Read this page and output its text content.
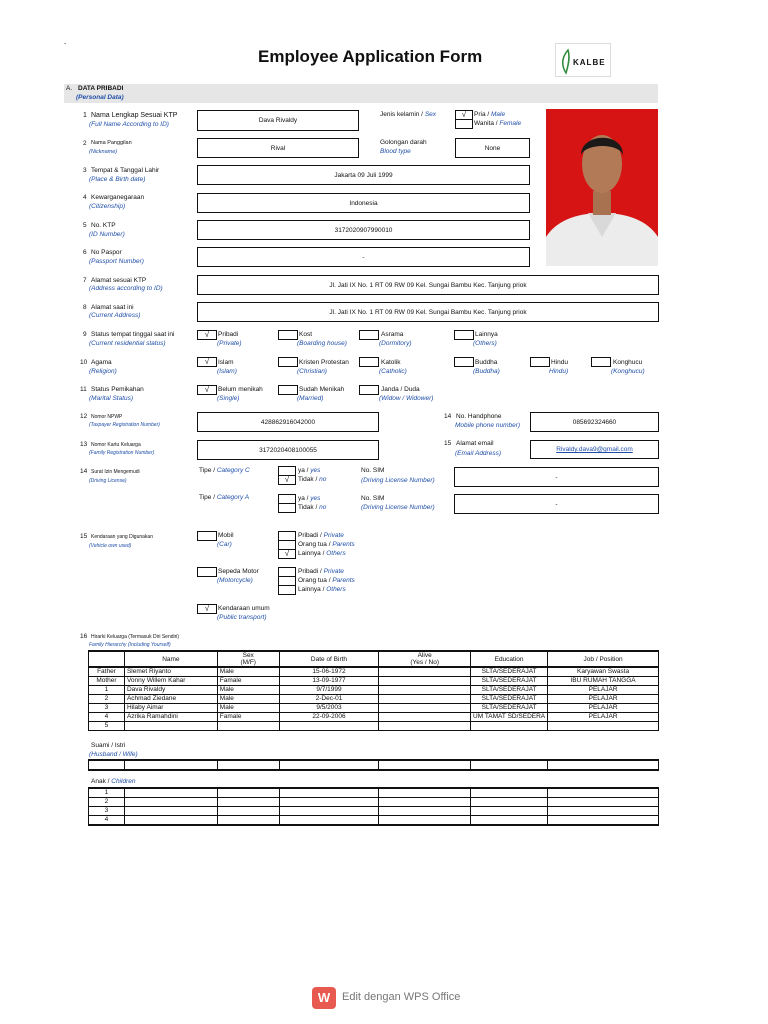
-
Employee Application Form	KALBE
A. DATA PRIBADI
(Personal Data)
1 Nama Lengkap Sesuai KTP
(Full Name According to ID)
Dava Rivaldy
Jenis kelamin / Sex	√	Pria / Male
Wanita / Female
2 Nama Panggilan
(Nickname)
Rival
Golongan darah
Blood type	None
3 Tempat & Tanggal Lahir
(Place & Birth date)
Jakarta 09 Juli 1999
4 Kewarganegaraan
(Citizenship)	Indonesia
5 No. KTP
(ID Number)
3172020907990010
6 No Paspor
(Passport Number)
-
7 Alamat sesuai KTP
(Address according to ID)	Jl. Jati IX No. 1 RT 09 RW 09 Kel. Sungai Bambu Kec. Tanjung priok
8 Alamat saat ini
(Current Address)	Jl. Jati IX No. 1 RT 09 RW 09 Kel. Sungai Bambu Kec. Tanjung priok
9 Status tempat tinggal saat ini
(Current residential status)
√	Pribadi
(Private)
Kost
(Boarding house)
Asrama
(Dormitory)
Lainnya
(Others)
10 Agama
(Religion)
√	Islam
(Islam)
Kristen Protestan
(Christian)
Katolik
(Catholic)
Buddha
(Buddha)
Hindu
Hindu)
Konghucu
(Konghucu)
11 Status Pemikahan
(Marital Status)
√	Belum menikah
(Single)
Sudah Menikah
(Married)
Janda / Duda
(Widow / Widower)
12 Nomor NPWP
(Taxpayer Registration Number)	428862916042000
14 No. Handphone
Mobile phone number)	085692324660
13 Nomor Kartu Keluarga
(Family Registration Number)	3172020408100055
15 Alamat email
(Email Address)
Rivaldy.dava9@gmail.com
14 Surat Izin Mengemudi
(Driving License)
Tipe / Category C
√
ya / yes
Tidak / no
No. SIM
(Driving License Number)	-
Tipe / Category A	ya / yes
Tidak / no
No. SIM
(Driving License Number)	-
15 Kendaraan yang Digunakan
(Vehicle own used)
Mobil
(Car)
√
Pribadi / Private
Orang tua / Parents
Lainnya / Others
Sepeda Motor
(Motorcycle)
Pribadi / Private
Orang tua / Parents
Lainnya / Others
√	Kendaraan umum
(Public transport)
16 Hirarki Keluarga (Termasuk Diri Sendiri)
Family Hierarchy (Including Yourself)
	Name	Sex
(M/F)	Date of Birth	Alive
(Yes / No)	Education	Job / Position
Father	Slemet Riyanto	Male	15-06-1972		SLTA/SEDERAJAT	Karyawan Swasta
Mother	Vonny Willem Kahar	Famale	13-09-1977		SLTA/SEDERAJAT	IBU RUMAH TANGGA
1	Dava Rivaldy	Male	9/7/1999		SLTA/SEDERAJAT	PELAJAR
2	Achmad Ziedane	Male	2-Dec-01		SLTA/SEDERAJAT	PELAJAR
3	Hilaby Aimar	Male	9/5/2003		SLTA/SEDERAJAT	PELAJAR
4	Azrika Ramahdini	Famale	22-09-2006		UM TAMAT SD/SEDERA	PELAJAR
5						
Suami / Istri
(Husband / Wife)

Anak / Children
1						
2						
3						
4						
W	Edit dengan WPS Office
